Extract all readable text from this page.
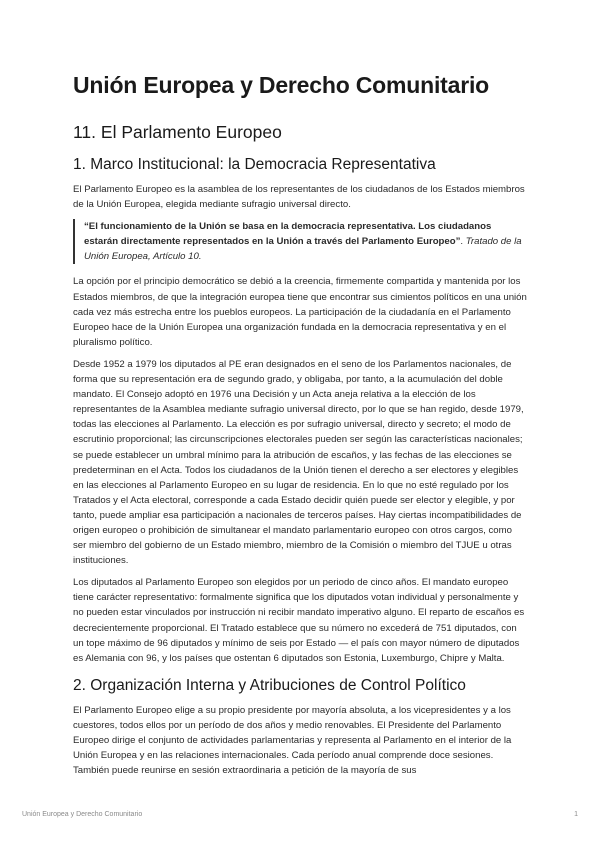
Unión Europea y Derecho Comunitario
11. El Parlamento Europeo
1. Marco Institucional: la Democracia Representativa

El Parlamento Europeo es la asamblea de los representantes de los ciudadanos de los Estados miembros de la Unión Europea, elegida mediante sufragio universal directo.

“El funcionamiento de la Unión se basa en la democracia representativa. Los ciudadanos estarán directamente representados en la Unión a través del Parlamento Europeo”. Tratado de la Unión Europea, Artículo 10.

La opción por el principio democrático se debió a la creencia, firmemente compartida y mantenida por los Estados miembros, de que la integración europea tiene que encontrar sus cimientos políticos en una unión cada vez más estrecha entre los pueblos europeos. La participación de la ciudadanía en el Parlamento Europeo hace de la Unión Europea una organización fundada en la democracia representativa y en el pluralismo político.

Desde 1952 a 1979 los diputados al PE eran designados en el seno de los Parlamentos nacionales, de forma que su representación era de segundo grado, y obligaba, por tanto, a la acumulación del doble mandato. El Consejo adoptó en 1976 una Decisión y un Acta aneja relativa a la elección de los representantes de la Asamblea mediante sufragio universal directo, por lo que se han regido, desde 1979, todas las elecciones al Parlamento. La elección es por sufragio universal, directo y secreto; el modo de escrutinio proporcional; las circunscripciones electorales pueden ser según las características nacionales; se puede establecer un umbral mínimo para la atribución de escaños, y las fechas de las elecciones se predeterminan en el Acta. Todos los ciudadanos de la Unión tienen el derecho a ser electores y elegibles en las elecciones al Parlamento Europeo en su lugar de residencia. En lo que no esté regulado por los Tratados y el Acta electoral, corresponde a cada Estado decidir quién puede ser elector y elegible, y por tanto, puede ampliar esa participación a nacionales de terceros países. Hay ciertas incompatibilidades de origen europeo o prohibición de simultanear el mandato parlamentario europeo con otros cargos, como ser miembro del gobierno de un Estado miembro, miembro de la Comisión o miembro del TJUE u otras instituciones.

Los diputados al Parlamento Europeo son elegidos por un periodo de cinco años. El mandato europeo tiene carácter representativo: formalmente significa que los diputados votan individual y personalmente y no pueden estar vinculados por instrucción ni recibir mandato imperativo alguno. El reparto de escaños es decrecientemente proporcional. El Tratado establece que su número no excederá de 751 diputados, con un tope máximo de 96 diputados y mínimo de seis por Estado — el país con mayor número de diputados es Alemania con 96, y los países que ostentan 6 diputados son Estonia, Luxemburgo, Chipre y Malta.

2. Organización Interna y Atribuciones de Control Político

El Parlamento Europeo elige a su propio presidente por mayoría absoluta, a los vicepresidentes y a los cuestores, todos ellos por un período de dos años y medio renovables. El Presidente del Parlamento Europeo dirige el conjunto de actividades parlamentarias y representa al Parlamento en el interior de la Unión Europea y en las relaciones internacionales. Cada período anual comprende doce sesiones. También puede reunirse en sesión extraordinaria a petición de la mayoría de sus

Unión Europea y Derecho Comunitario	1
